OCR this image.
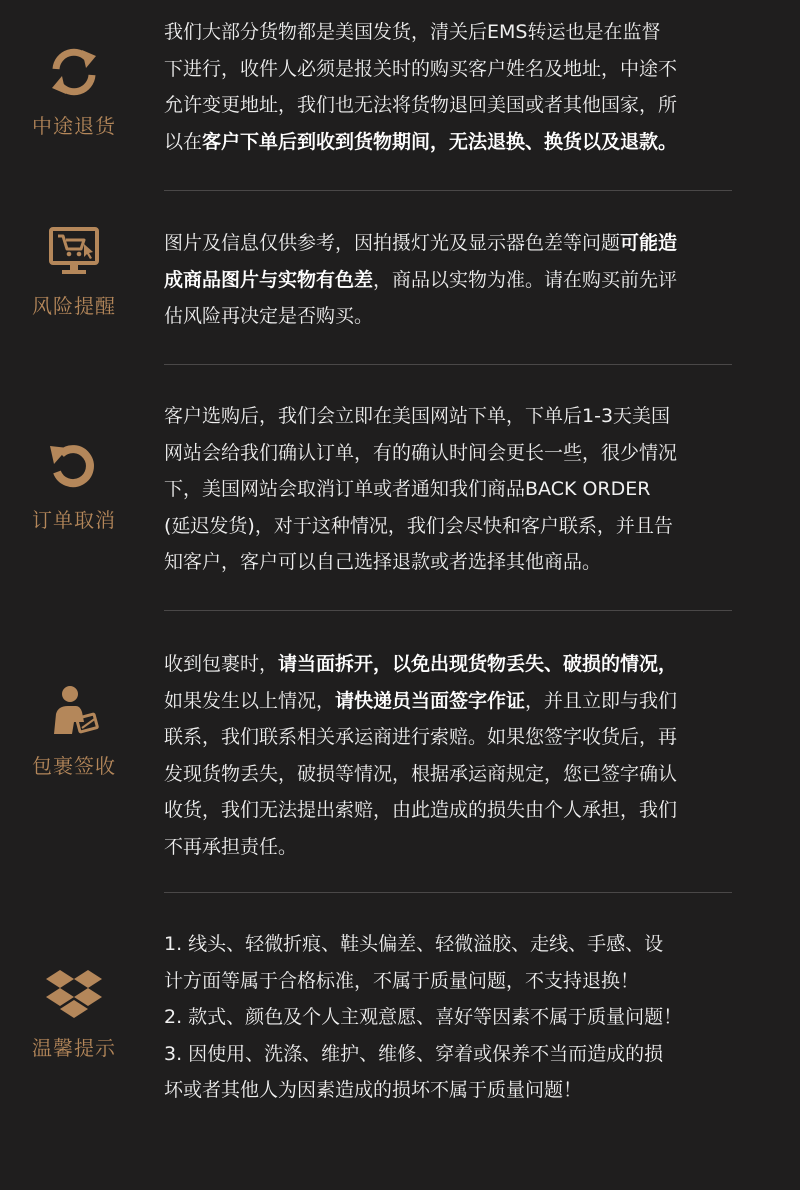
中途退货

我们大部分货物都是美国发货，清关后EMS转运也是在监督

下进行，收件人必须是报关时的购买客户姓名及地址，中途不

允许变更地址，我们也无法将货物退回美国或者其他国家，所

以在客户下单后到收到货物期间，无法退换、换货以及退款。

风险提醒

图片及信息仅供参考，因拍摄灯光及显示器色差等问题可能造

成商品图片与实物有色差，商品以实物为准。请在购买前先评

估风险再决定是否购买。

订单取消

客户选购后，我们会立即在美国网站下单，下单后1-3天美国

网站会给我们确认订单，有的确认时间会更长一些，很少情况

下，美国网站会取消订单或者通知我们商品BACK ORDER

(延迟发货)，对于这种情况，我们会尽快和客户联系，并且告

知客户，客户可以自己选择退款或者选择其他商品。

包裹签收

收到包裹时，请当面拆开，以免出现货物丢失、破损的情况，

如果发生以上情况，请快递员当面签字作证，并且立即与我们

联系，我们联系相关承运商进行索赔。如果您签字收货后，再

发现货物丢失，破损等情况，根据承运商规定，您已签字确认

收货，我们无法提出索赔，由此造成的损失由个人承担，我们

不再承担责任。

温馨提示

1. 线头、轻微折痕、鞋头偏差、轻微溢胶、走线、手感、设

计方面等属于合格标准，不属于质量问题，不支持退换！

2. 款式、颜色及个人主观意愿、喜好等因素不属于质量问题！

3. 因使用、洗涤、维护、维修、穿着或保养不当而造成的损

坏或者其他人为因素造成的损坏不属于质量问题！
